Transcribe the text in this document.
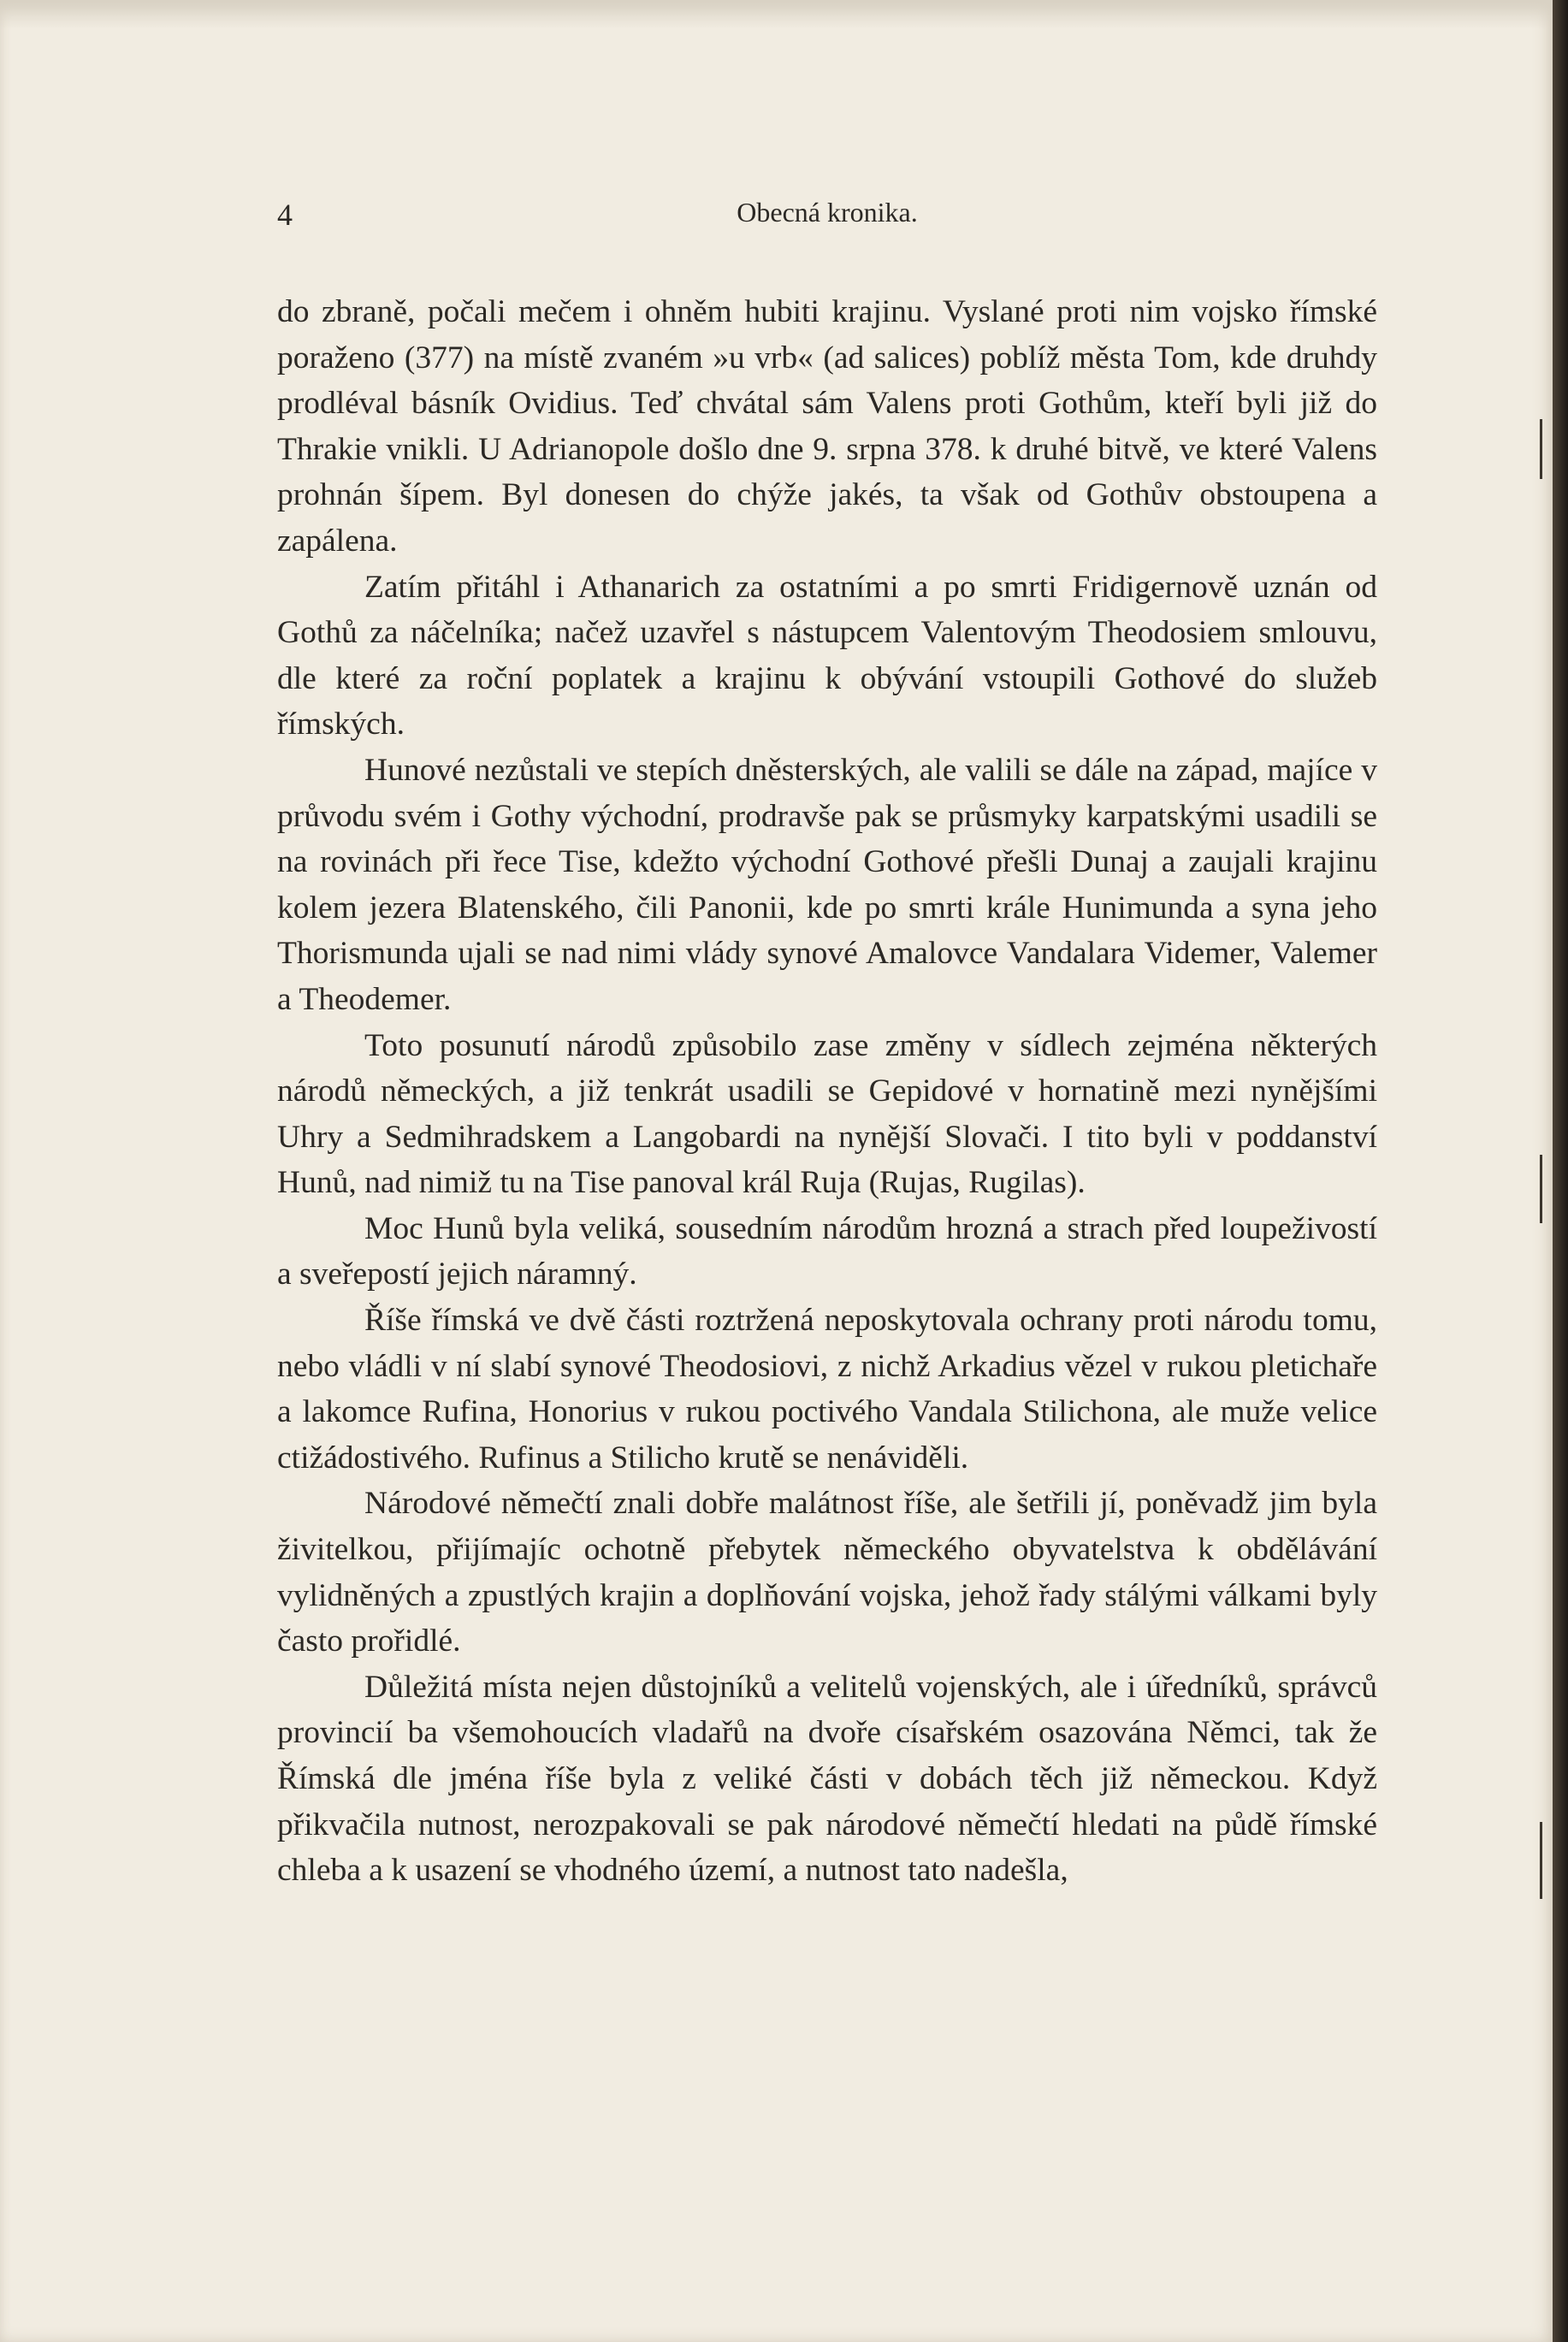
4	Obecná kronika.

do zbraně, počali mečem i ohněm hubiti krajinu. Vyslané proti nim vojsko římské poraženo (377) na místě zvaném »u vrb« (ad salices) poblíž města Tom, kde druhdy prodléval básník Ovidius. Teď chvátal sám Valens proti Gothům, kteří byli již do Thrakie vnikli. U Adrianopole došlo dne 9. srpna 378. k druhé bitvě, ve které Valens prohnán šípem. Byl donesen do chýže jakés, ta však od Gothův obstoupena a zapálena.

Zatím přitáhl i Athanarich za ostatními a po smrti Fridigernově uznán od Gothů za náčelníka; načež uzavřel s nástupcem Valentovým Theodosiem smlouvu, dle které za roční poplatek a krajinu k obývání vstoupili Gothové do služeb římských.

Hunové nezůstali ve stepích dněsterských, ale valili se dále na západ, majíce v průvodu svém i Gothy východní, prodravše pak se průsmyky karpatskými usadili se na rovinách při řece Tise, kdežto východní Gothové přešli Dunaj a zaujali krajinu kolem jezera Blatenského, čili Panonii, kde po smrti krále Hunimunda a syna jeho Thorismunda ujali se nad nimi vlády synové Amalovce Vandalara Videmer, Valemer a Theodemer.

Toto posunutí národů způsobilo zase změny v sídlech zejména některých národů německých, a již tenkrát usadili se Gepidové v hornatině mezi nynějšími Uhry a Sedmihradskem a Langobardi na nynější Slovači. I tito byli v poddanství Hunů, nad nimiž tu na Tise panoval král Ruja (Rujas, Rugilas).

Moc Hunů byla veliká, sousedním národům hrozná a strach před loupeživostí a sveřepostí jejich náramný.

Říše římská ve dvě části roztržená neposkytovala ochrany proti národu tomu, nebo vládli v ní slabí synové Theodosiovi, z nichž Arkadius vězel v rukou pletichaře a lakomce Rufina, Honorius v rukou poctivého Vandala Stilichona, ale muže velice ctižádostivého. Rufinus a Stilicho krutě se nenáviděli.

Národové němečtí znali dobře malátnost říše, ale šetřili jí, poněvadž jim byla živitelkou, přijímajíc ochotně přebytek německého obyvatelstva k obdělávání vylidněných a zpustlých krajin a doplňování vojska, jehož řady stálými válkami byly často prořidlé.

Důležitá místa nejen důstojníků a velitelů vojenských, ale i úředníků, správců provincií ba všemohoucích vladařů na dvoře císařském osazována Němci, tak že Římská dle jména říše byla z veliké části v dobách těch již německou. Když přikvačila nutnost, nerozpakovali se pak národové němečtí hledati na půdě římské chleba a k usazení se vhodného území, a nutnost tato nadešla,
